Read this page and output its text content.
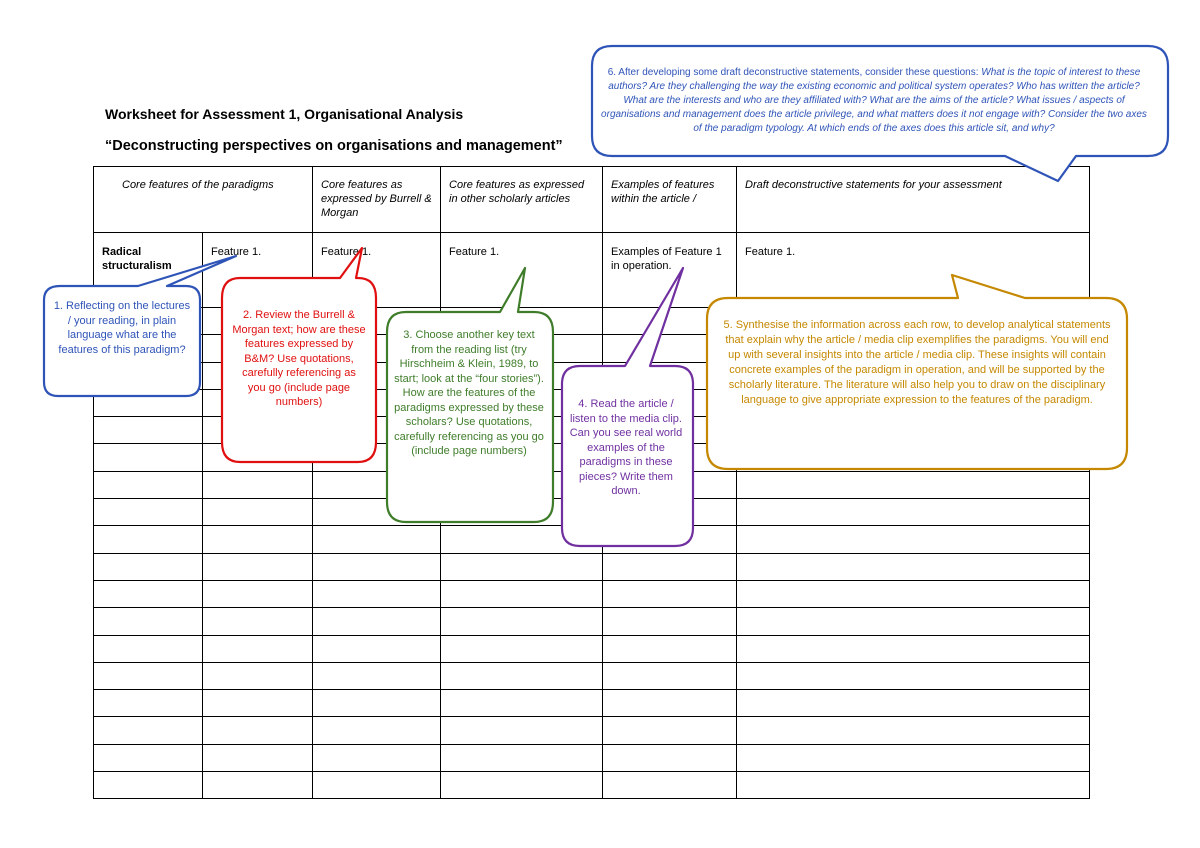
Worksheet for Assessment 1, Organisational Analysis
“Deconstructing perspectives on organisations and management”
Core features of the paradigms		Core features as expressed by Burrell & Morgan	Core features as expressed in other scholarly articles	Examples of features within the article /	Draft deconstructive statements for your assessment
Radical structuralism	Feature 1.	Feature 1.	Feature 1.	Examples of Feature 1 in operation.	Feature 1.

1. Reflecting on the lectures / your reading, in plain language what are the features of this paradigm?
2. Review the Burrell & Morgan text; how are these features expressed by B&M? Use quotations, carefully referencing as you go (include page numbers)
3. Choose another key text from the reading list (try Hirschheim & Klein, 1989, to start; look at the “four stories”). How are the features of the paradigms expressed by these scholars? Use quotations, carefully referencing as you go (include page numbers)
4. Read the article / listen to the media clip. Can you see real world examples of the paradigms in these pieces? Write them down.
5. Synthesise the information across each row, to develop analytical statements that explain why the article / media clip exemplifies the paradigms. You will end up with several insights into the article / media clip. These insights will contain concrete examples of the paradigm in operation, and will be supported by the scholarly literature. The literature will also help you to draw on the disciplinary language to give appropriate expression to the features of the paradigm.
6. After developing some draft deconstructive statements, consider these questions: What is the topic of interest to these authors? Are they challenging the way the existing economic and political system operates? Who has written the article? What are the interests and who are they affiliated with? What are the aims of the article? What issues / aspects of organisations and management does the article privilege, and what matters does it not engage with? Consider the two axes of the paradigm typology. At which ends of the axes does this article sit, and why?
